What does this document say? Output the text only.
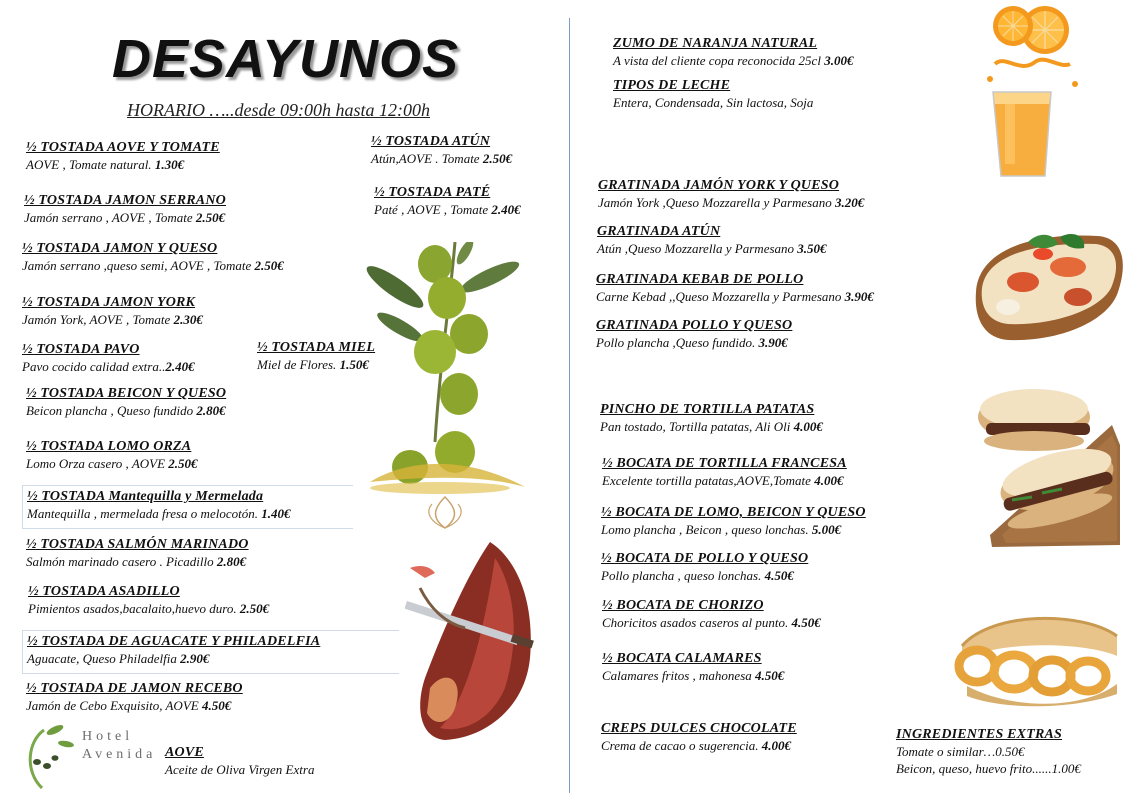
DESAYUNOS
HORARIO …..desde 09:00h hasta 12:00h
½ TOSTADA AOVE Y TOMATE
AOVE , Tomate natural. 1.30€
½ TOSTADA JAMON SERRANO
Jamón serrano , AOVE , Tomate 2.50€
½ TOSTADA JAMON Y QUESO
Jamón serrano ,queso semi, AOVE , Tomate 2.50€
½ TOSTADA JAMON YORK
Jamón York, AOVE , Tomate 2.30€
½ TOSTADA PAVO
Pavo cocido calidad extra..2.40€
½ TOSTADA BEICON Y QUESO
Beicon plancha , Queso fundido 2.80€
½ TOSTADA LOMO ORZA
Lomo Orza casero , AOVE 2.50€
½ TOSTADA Mantequilla y Mermelada
Mantequilla , mermelada fresa o melocotón. 1.40€
½ TOSTADA SALMÓN MARINADO
Salmón marinado casero . Picadillo 2.80€
½ TOSTADA ASADILLO
Pimientos asados,bacalaito,huevo duro. 2.50€
½ TOSTADA DE AGUACATE Y PHILADELFIA
Aguacate, Queso Philadelfia 2.90€
½ TOSTADA DE JAMON RECEBO
Jamón de Cebo Exquisito, AOVE 4.50€
½ TOSTADA ATÚN
Atún,AOVE . Tomate 2.50€
½ TOSTADA PATÉ
Paté , AOVE , Tomate 2.40€
½ TOSTADA MIEL
Miel de Flores. 1.50€
Hotel Avenida AOVE
Aceite de Oliva Virgen Extra
ZUMO DE NARANJA NATURAL
A vista del cliente copa reconocida 25cl 3.00€
TIPOS DE LECHE
Entera, Condensada, Sin lactosa, Soja
GRATINADA JAMÓN YORK Y QUESO
Jamón York ,Queso Mozzarella y Parmesano 3.20€
GRATINADA ATÚN
Atún ,Queso Mozzarella y Parmesano 3.50€
GRATINADA KEBAB DE POLLO
Carne Kebad ,,Queso Mozzarella y Parmesano 3.90€
GRATINADA POLLO Y QUESO
Pollo plancha ,Queso fundido. 3.90€
PINCHO DE TORTILLA PATATAS
Pan tostado, Tortilla patatas, Ali Oli 4.00€
½ BOCATA DE TORTILLA FRANCESA
Excelente tortilla patatas,AOVE,Tomate 4.00€
½ BOCATA DE LOMO, BEICON Y QUESO
Lomo plancha , Beicon , queso lonchas. 5.00€
½ BOCATA DE POLLO Y QUESO
Pollo plancha , queso lonchas. 4.50€
½ BOCATA DE CHORIZO
Choricitos asados caseros al punto. 4.50€
½ BOCATA CALAMARES
Calamares fritos , mahonesa 4.50€
CREPS DULCES CHOCOLATE
Crema de cacao o sugerencia. 4.00€
INGREDIENTES EXTRAS
Tomate o similar…0.50€
Beicon, queso, huevo frito......1.00€
